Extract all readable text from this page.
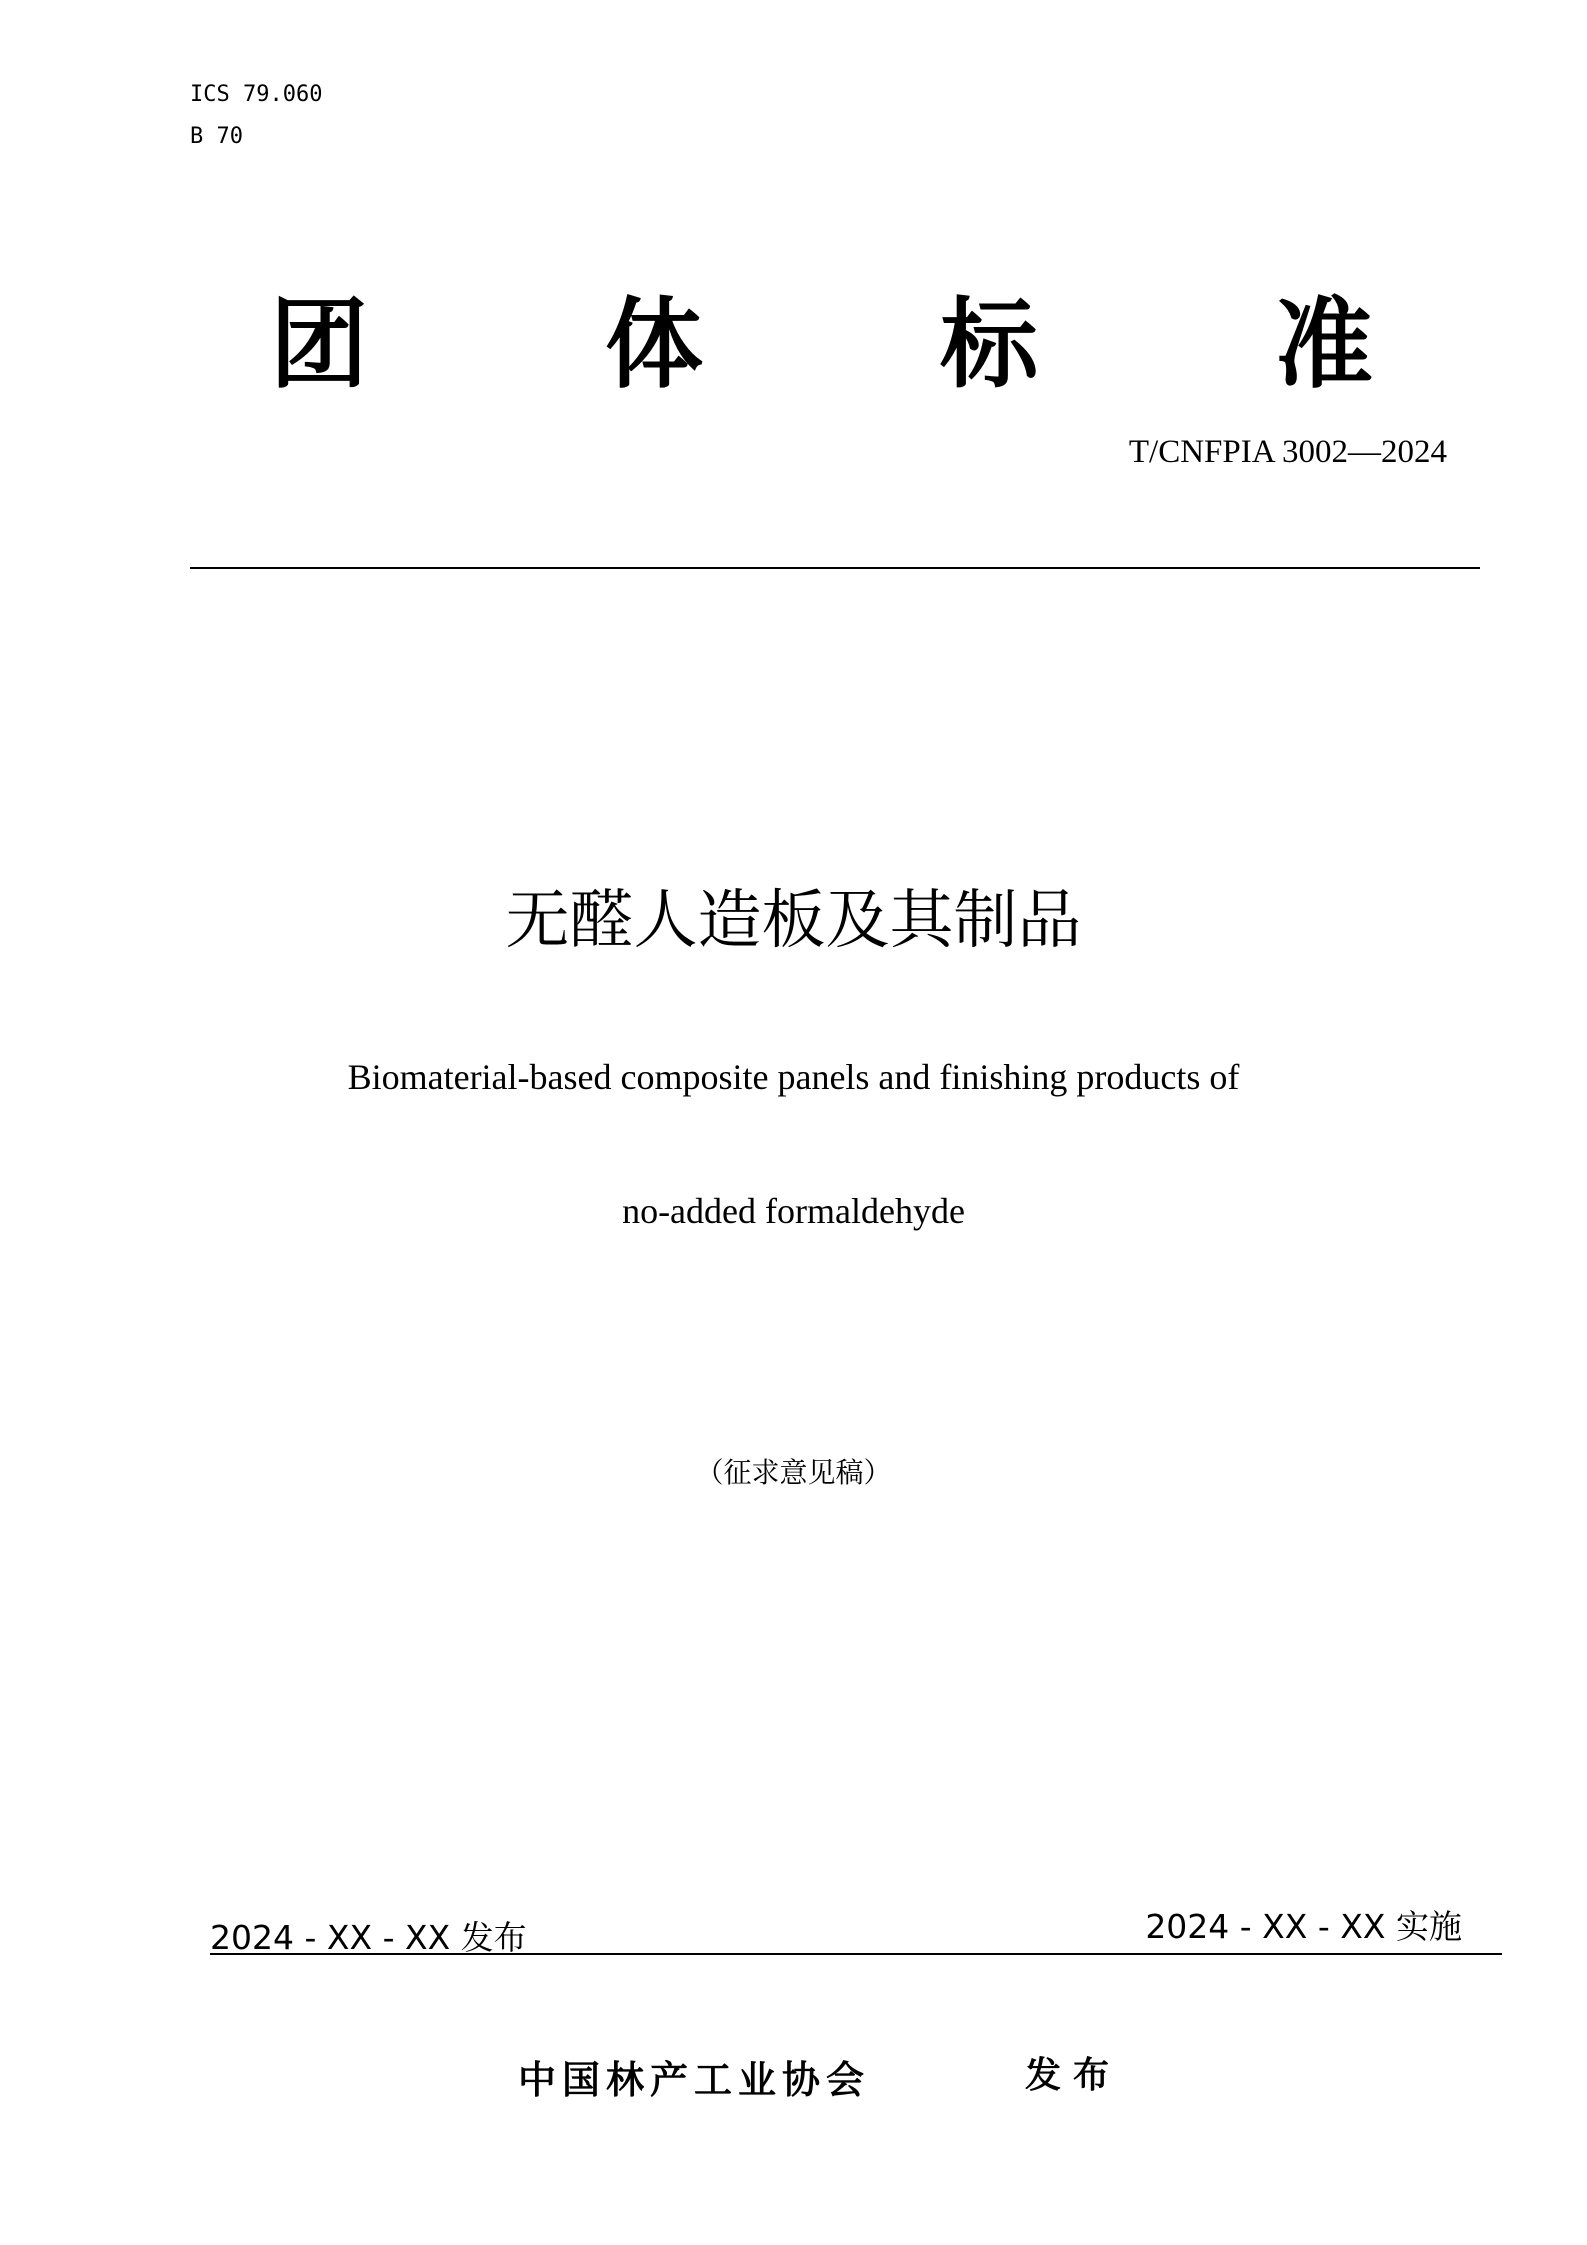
ICS 79.060
B 70
团 体 标 准
T/CNFPIA 3002—2024
无醛人造板及其制品
Biomaterial-based composite panels and finishing products of
no-added formaldehyde
（征求意见稿）
2024 - XX - XX 发布	2024 - XX - XX 实施
中国林产工业协会	发布
